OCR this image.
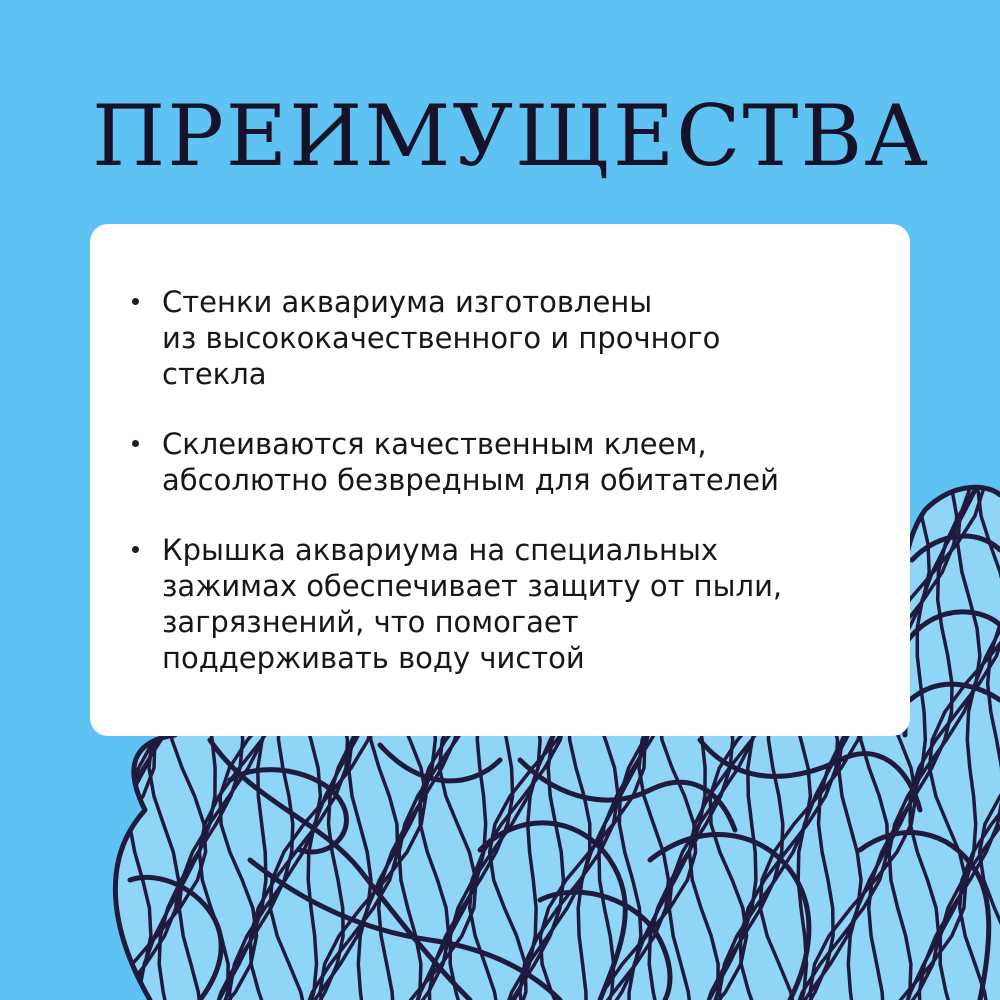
ПРЕИМУЩЕСТВА
Стенки аквариума изготовлены
из высококачественного и прочного
стекла
Склеиваются качественным клеем,
абсолютно безвредным для обитателей
Крышка аквариума на специальных
зажимах обеспечивает защиту от пыли,
загрязнений, что помогает
поддерживать воду чистой
